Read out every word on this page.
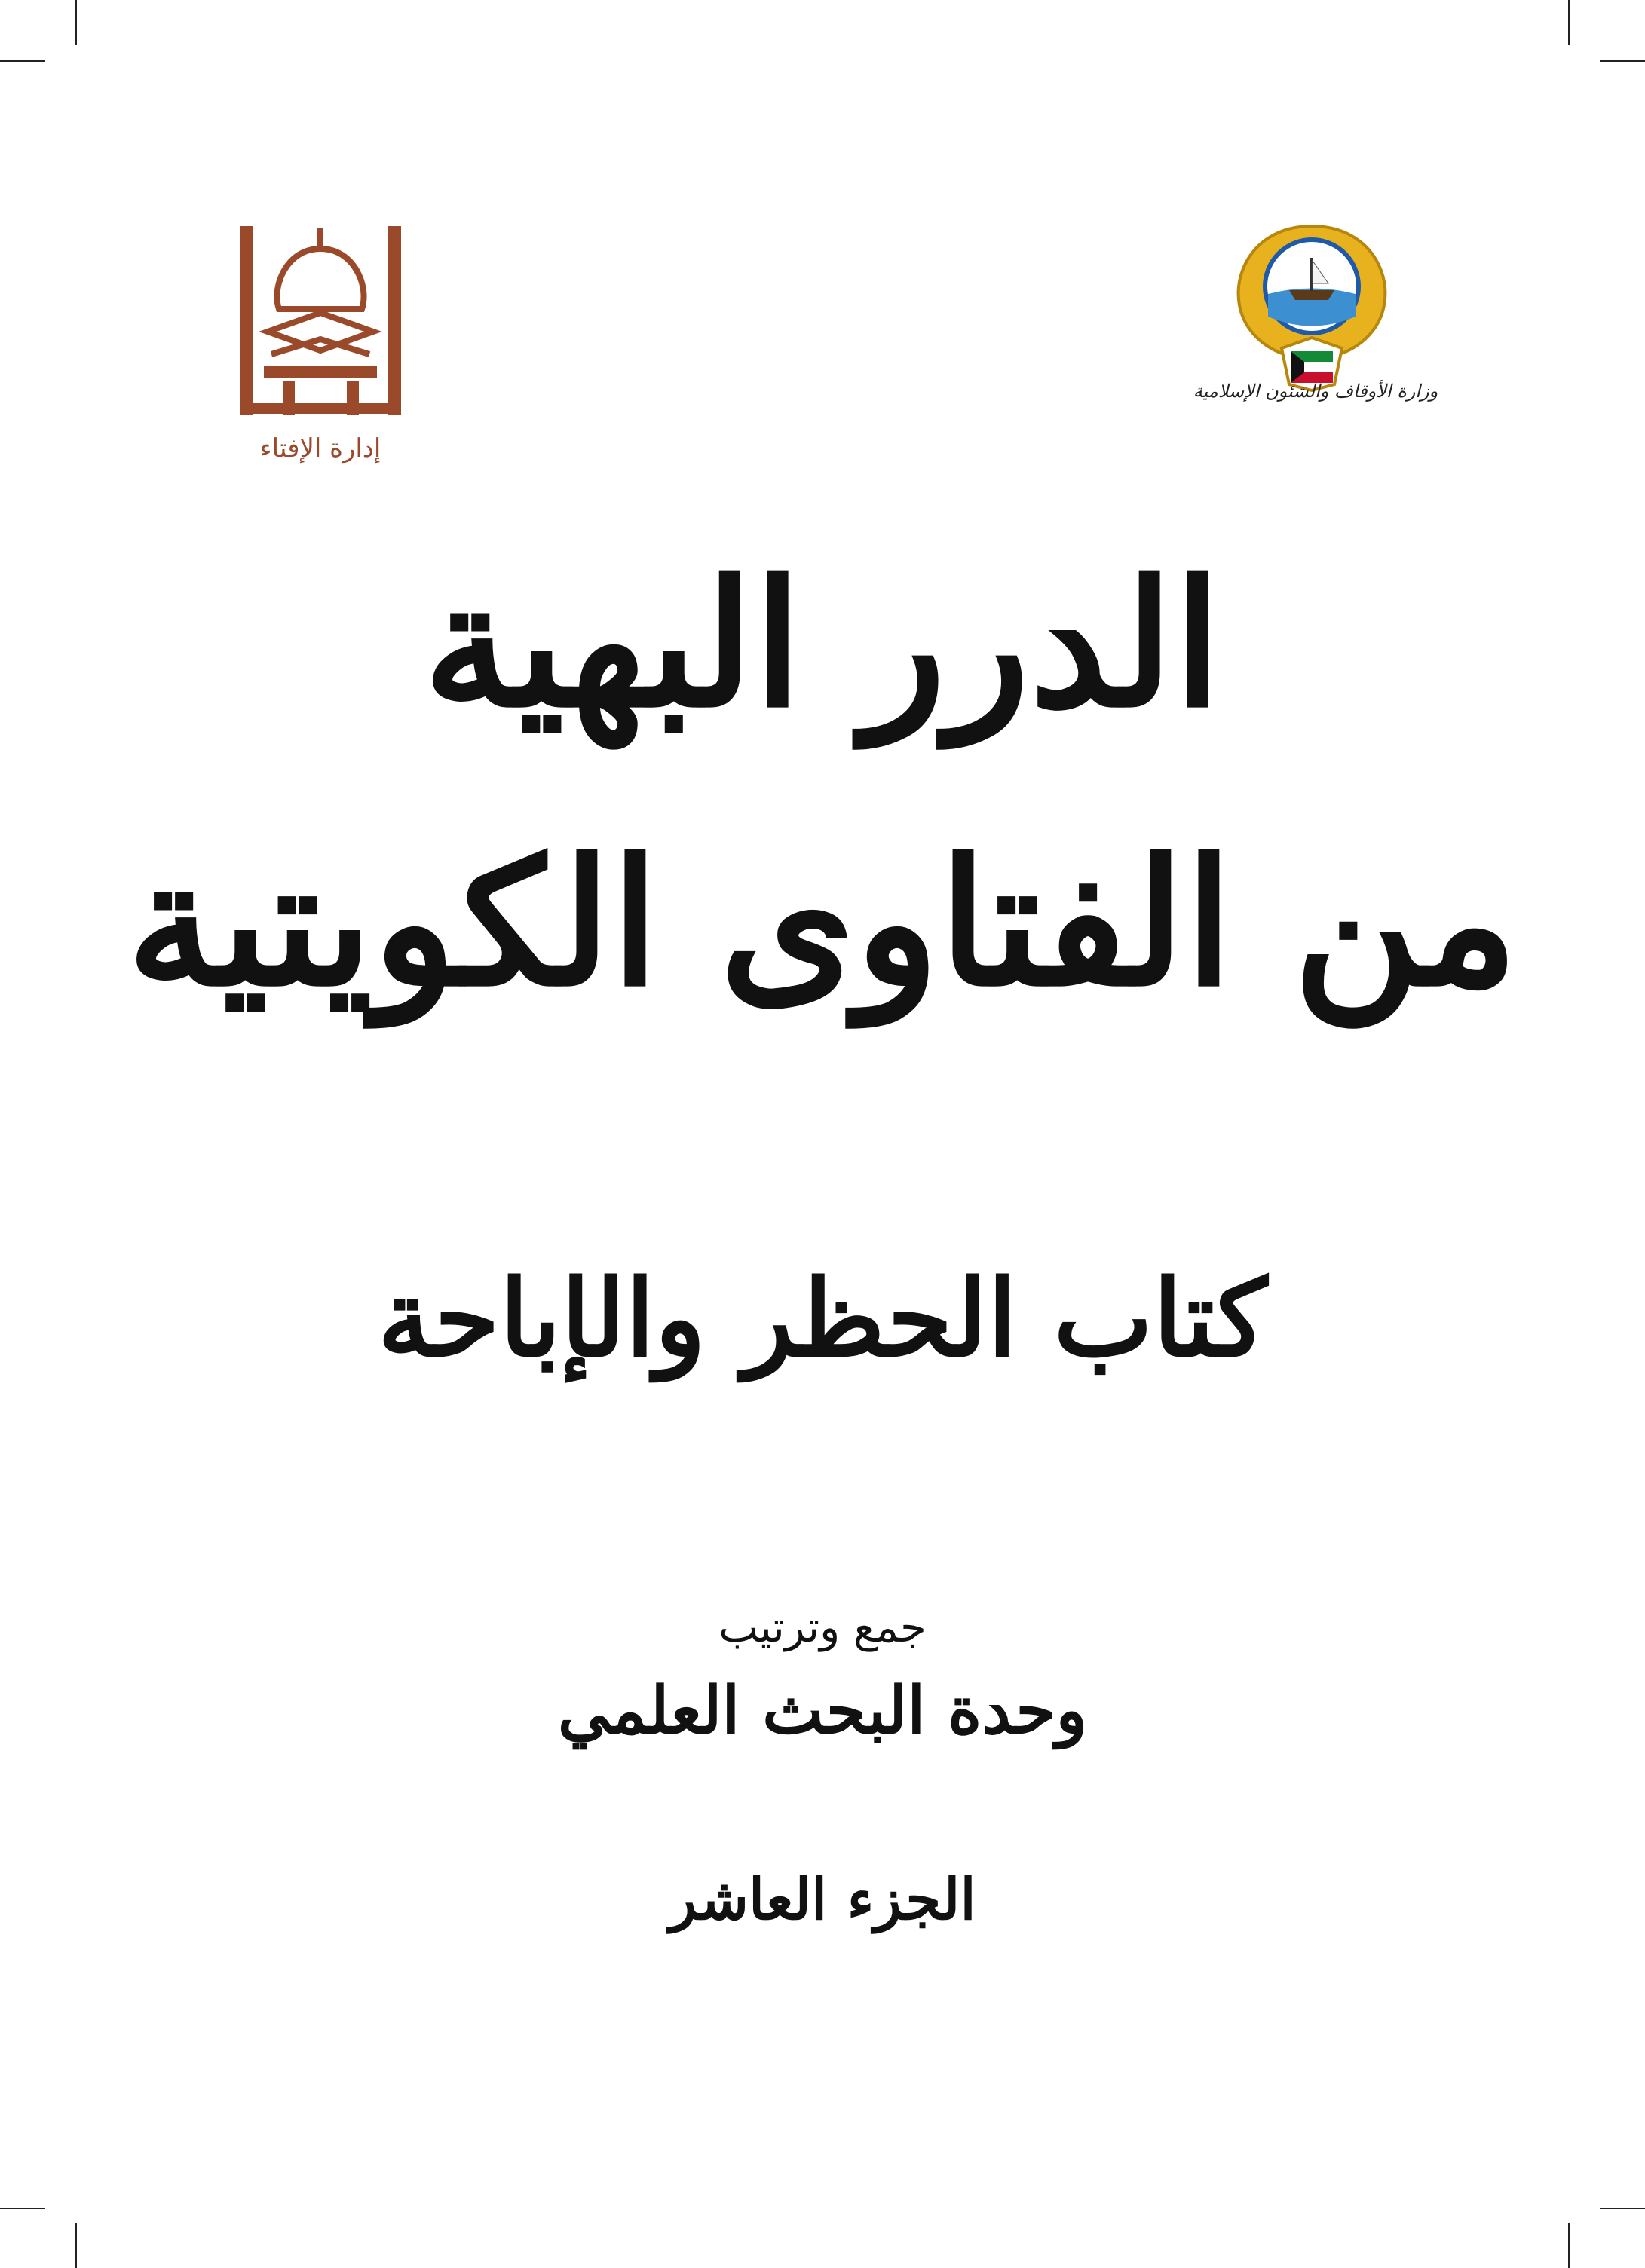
إدارة الإفتاء
وزارة الأوقاف والشئون الإسلامية
الدرر البهية
من الفتاوى الكويتية
كتاب الحظر والإباحة
جمع وترتيب
وحدة البحث العلمي
الجزء العاشر
